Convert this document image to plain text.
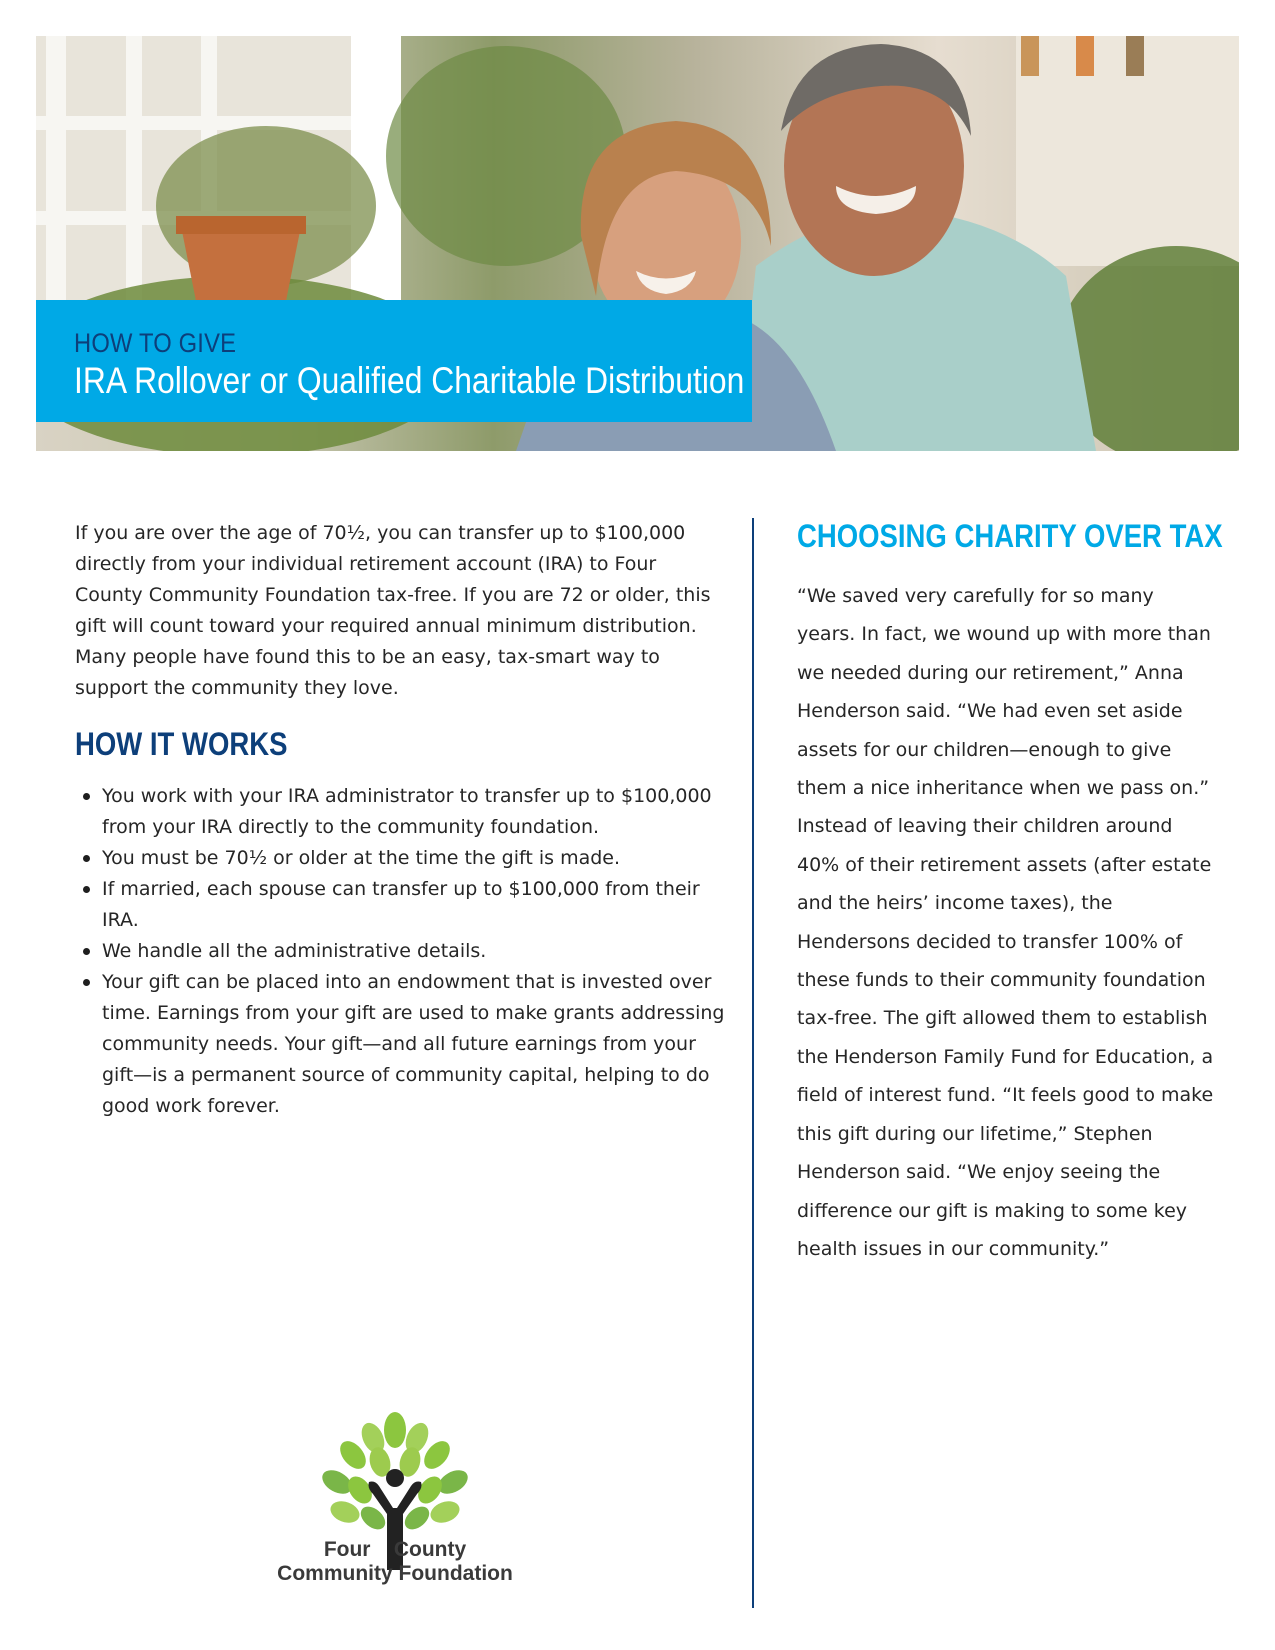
HOW TO GIVE
IRA Rollover or Qualified Charitable Distribution

If you are over the age of 70½, you can transfer up to $100,000 directly from your individual retirement account (IRA) to Four County Community Foundation tax-free. If you are 72 or older, this gift will count toward your required annual minimum distribution. Many people have found this to be an easy, tax-smart way to support the community they love.

HOW IT WORKS
You work with your IRA administrator to transfer up to $100,000 from your IRA directly to the community foundation.
You must be 70½ or older at the time the gift is made.
If married, each spouse can transfer up to $100,000 from their IRA.
We handle all the administrative details.
Your gift can be placed into an endowment that is invested over time. Earnings from your gift are used to make grants addressing community needs. Your gift—and all future earnings from your gift—is a permanent source of community capital, helping to do good work forever.
CHOOSING CHARITY OVER TAX

“We saved very carefully for so many years. In fact, we wound up with more than we needed during our retirement,” Anna Henderson said. “We had even set aside assets for our children—enough to give them a nice inheritance when we pass on.” Instead of leaving their children around 40% of their retirement assets (after estate and the heirs’ income taxes), the Hendersons decided to transfer 100% of these funds to their community foundation tax-free. The gift allowed them to establish the Henderson Family Fund for Education, a field of interest fund. “It feels good to make this gift during our lifetime,” Stephen Henderson said. “We enjoy seeing the difference our gift is making to some key health issues in our community.”

Four County
Community Foundation
